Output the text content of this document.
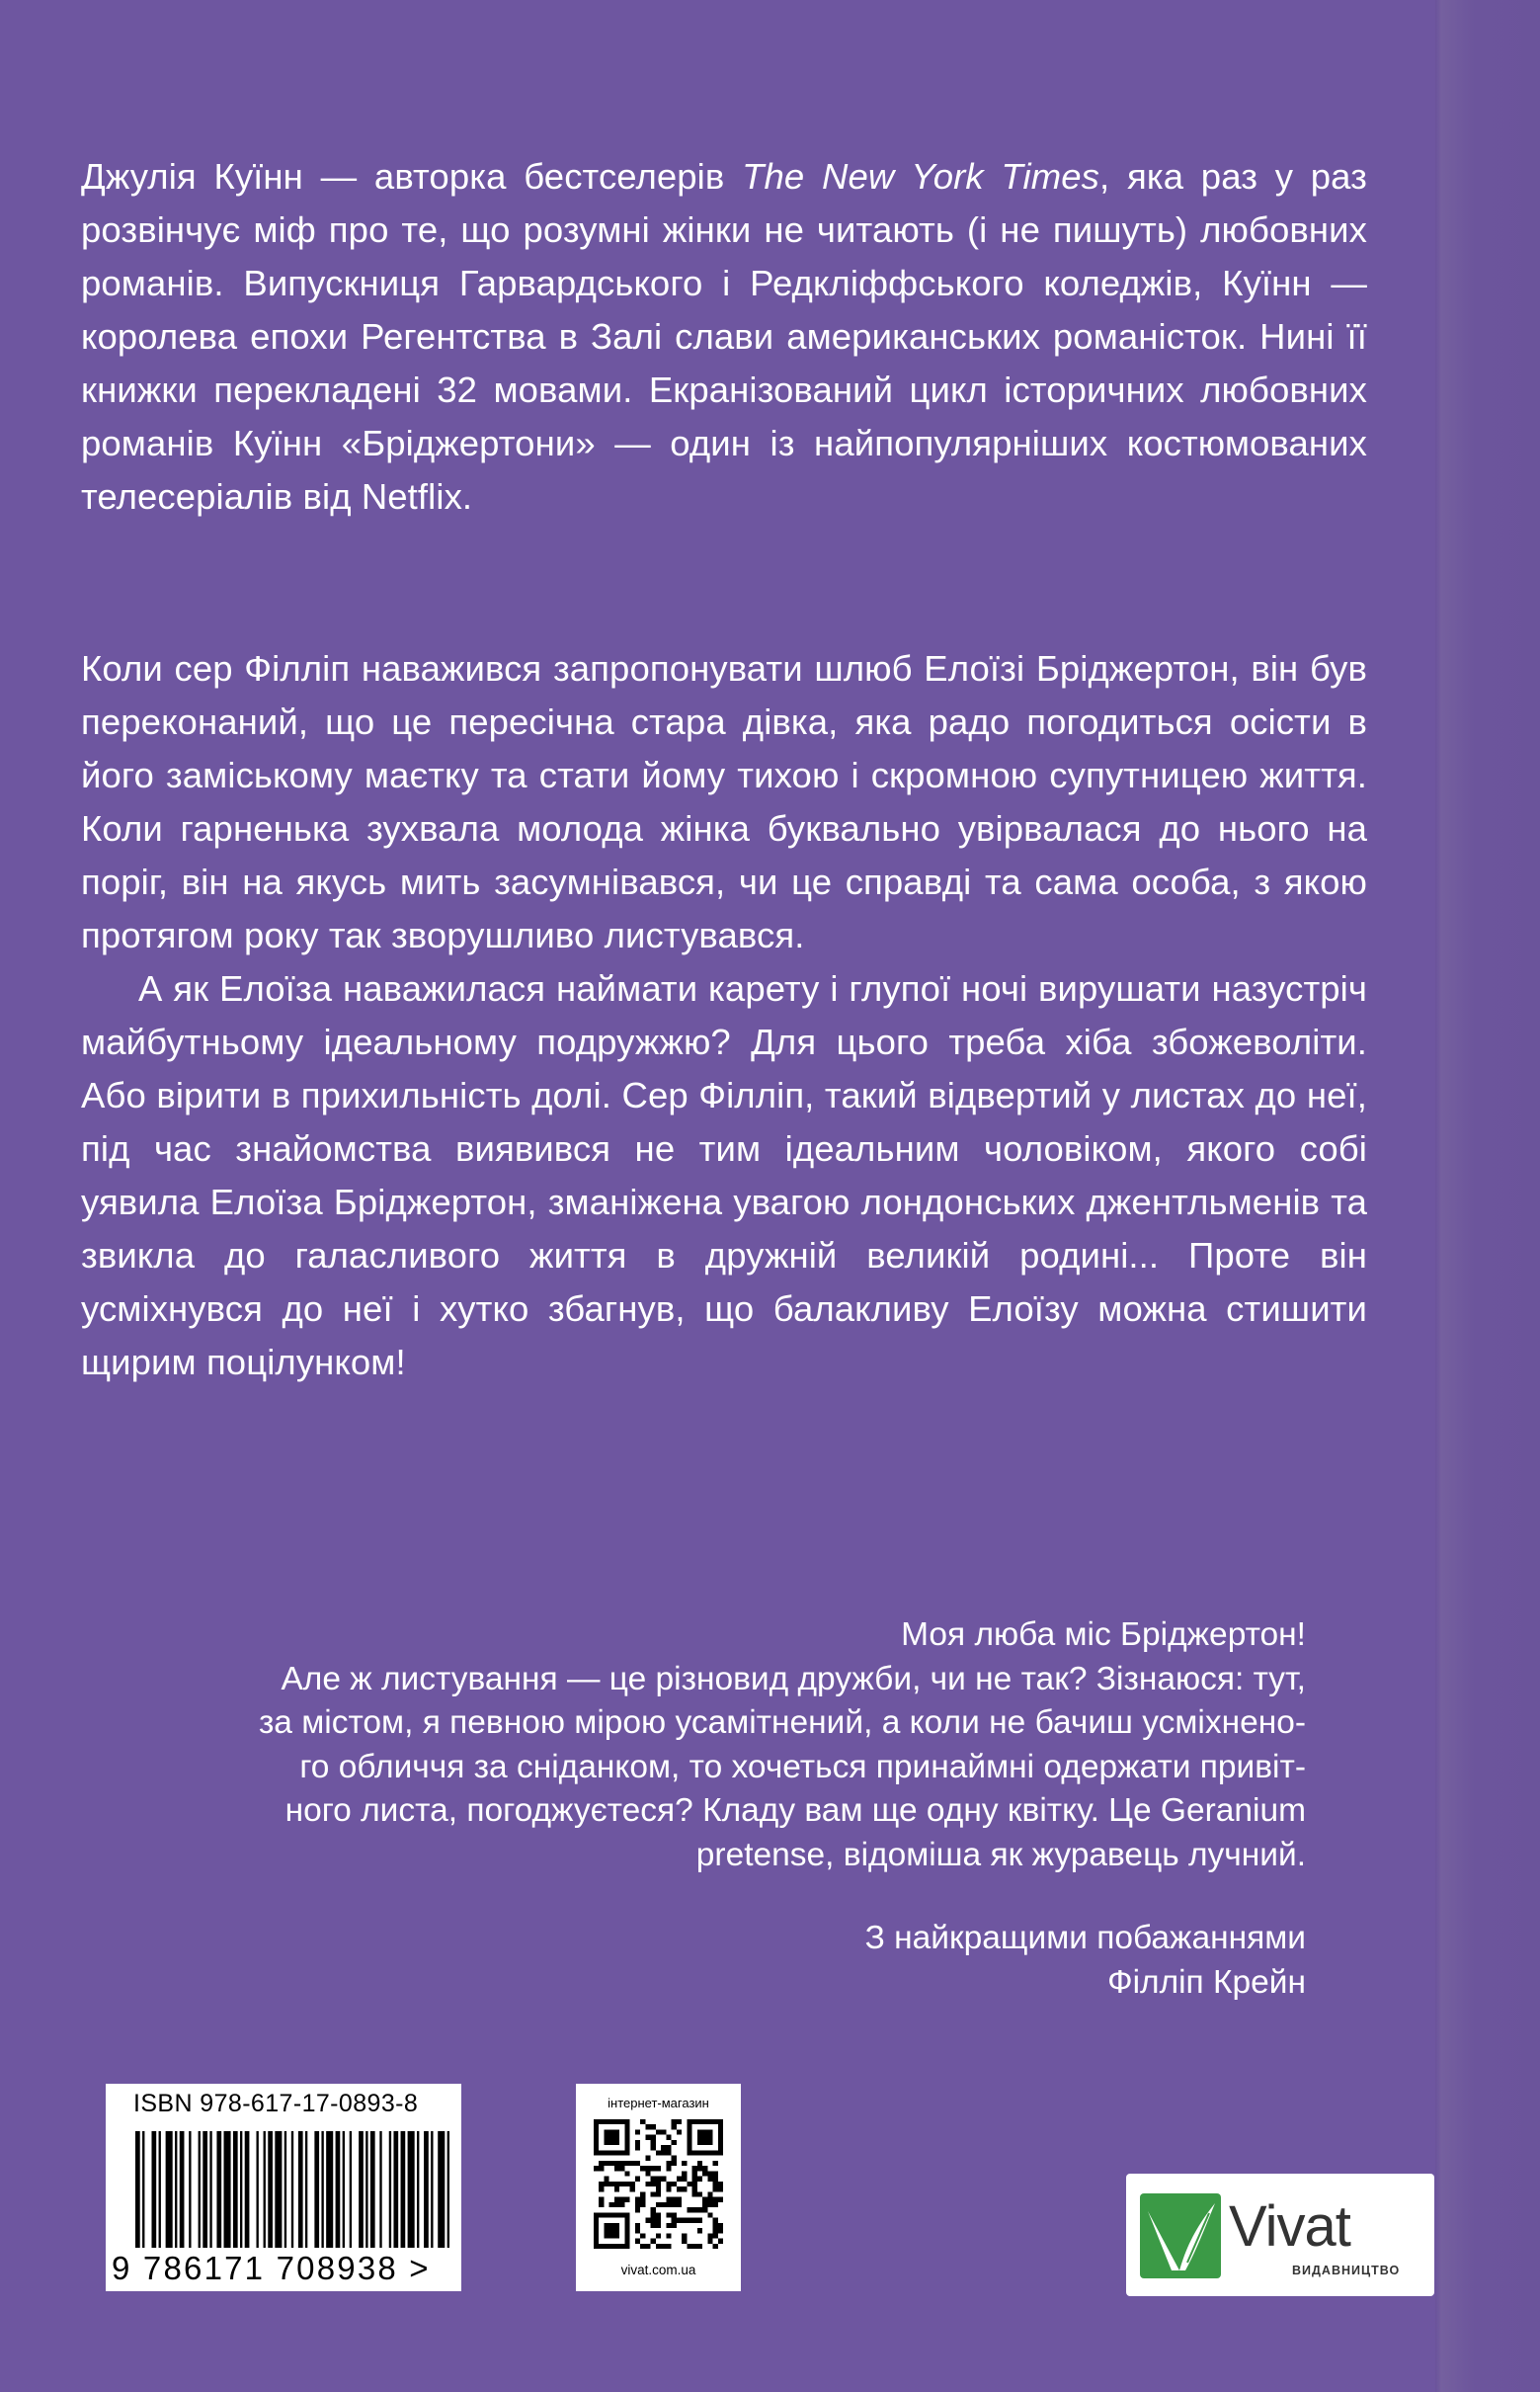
Джулія Куїнн — авторка бестселерів The New York Times, яка раз у раз розвінчує міф про те, що розумні жінки не читають (і не пишуть) любовних романів. Випускниця Гарвардського і Редкліффського коледжів, Куїнн — королева епохи Регентства в Залі слави американських романісток. Нині її книжки перекладені 32 мовами. Екранізований цикл історичних любовних романів Куїнн «Бріджертони» — один із найпопулярніших костюмованих телесеріалів від Netflix.

Коли сер Філліп наважився запропонувати шлюб Елоїзі Бріджертон, він був переконаний, що це пересічна стара дівка, яка радо погодиться осісти в його заміському маєтку та стати йому тихою і скромною супутницею життя. Коли гарненька зухвала молода жінка буквально увірвалася до нього на поріг, він на якусь мить засумнівався, чи це справді та сама особа, з якою протягом року так зворушливо листувався.

А як Елоїза наважилася наймати карету і глупої ночі вирушати назустріч майбутньому ідеальному подружжю? Для цього треба хіба збожеволіти. Або вірити в прихильність долі. Сер Філліп, такий відвертий у листах до неї, під час знайомства виявився не тим ідеальним чоловіком, якого собі уявила Елоїза Бріджертон, зманіжена увагою лондонських джентльменів та звикла до галасливого життя в дружній великій родині... Проте він усміхнувся до неї і хутко збагнув, що балакливу Елоїзу можна стишити щирим поцілунком!

Моя люба міс Бріджертон!

Але ж листування — це різновид дружби, чи не так? Зізнаюся: тут,

за містом, я певною мірою усамітнений, а коли не бачиш усміхнено-

го обличчя за сніданком, то хочеться принаймні одержати привіт-

ного листа, погоджуєтеся? Кладу вам ще одну квітку. Це Geranium

pretense, відоміша як журавець лучний.

З найкращими побажаннями

Філліп Крейн

ISBN 978-617-17-0893-8
9 786171 708938 >
інтернет-магазин
vivat.com.ua
Vivat
ВИДАВНИЦТВО
